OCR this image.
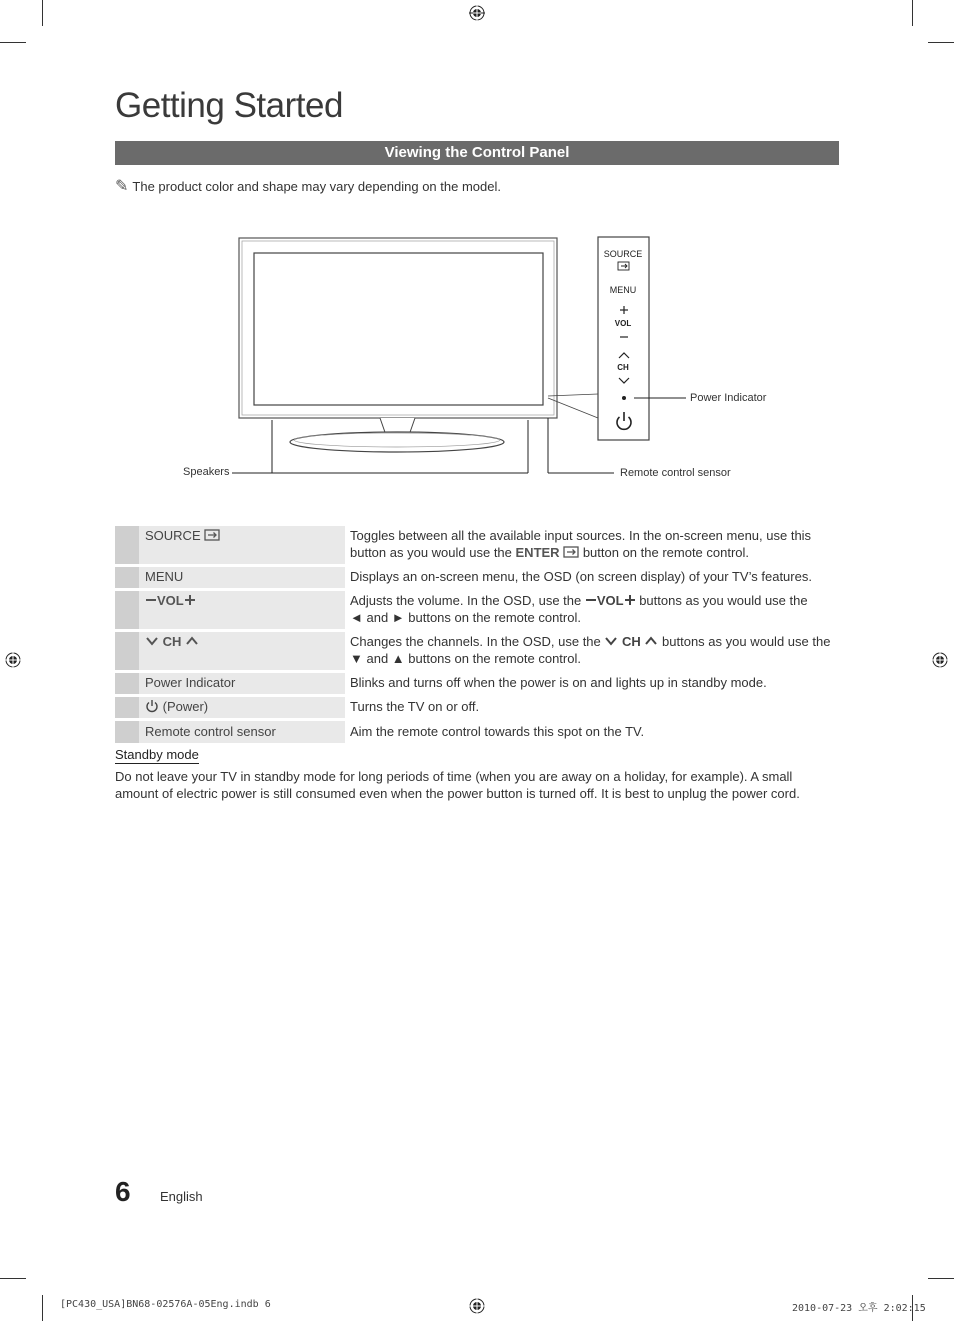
Getting Started
Viewing the Control Panel
✎ The product color and shape may vary depending on the model.
SOURCE
MENU
VOL
CH
Speakers	Remote control sensor
Power Indicator
	SOURCE	Toggles between all the available input sources. In the on-screen menu, use this
button as you would use the ENTER  button on the remote control.
	MENU	Displays an on-screen menu, the OSD (on screen display) of your TV’s features.
	VOL	Adjusts the volume. In the OSD, use the VOL buttons as you would use the
◄ and ► buttons on the remote control.
	CH	Changes the channels. In the OSD, use the  CH  buttons as you would use the
▼ and ▲ buttons on the remote control.
	Power Indicator	Blinks and turns off when the power is on and lights up in standby mode.
	(Power)	Turns the TV on or off.
	Remote control sensor	Aim the remote control towards this spot on the TV.
Standby mode
Do not leave your TV in standby mode for long periods of time (when you are away on a holiday, for example). A small amount of electric power is still consumed even when the power button is turned off. It is best to unplug the power cord.
6 English
[PC430_USA]BN68-02576A-05Eng.indb 6	2010-07-23 오후 2:02:15
